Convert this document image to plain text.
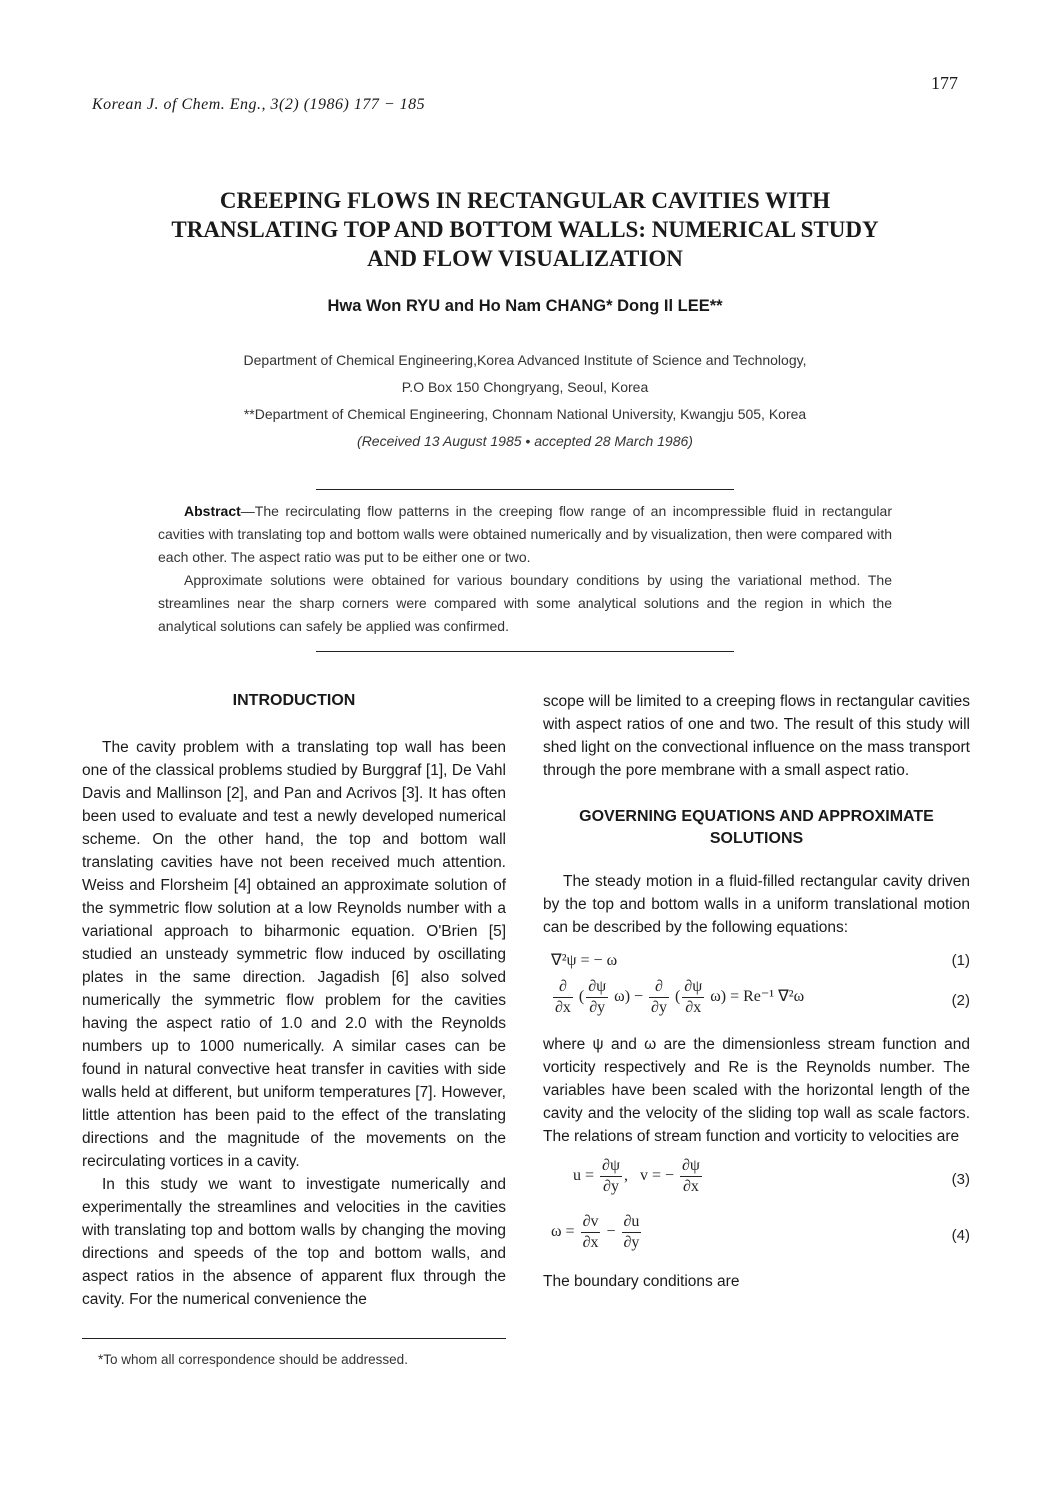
177
Korean J. of Chem. Eng., 3(2) (1986) 177 − 185
CREEPING FLOWS IN RECTANGULAR CAVITIES WITH
TRANSLATING TOP AND BOTTOM WALLS: NUMERICAL STUDY
AND FLOW VISUALIZATION
Hwa Won RYU and Ho Nam CHANG* Dong Il LEE**
Department of Chemical Engineering,Korea Advanced Institute of Science and Technology,
P.O Box 150 Chongryang, Seoul, Korea
**Department of Chemical Engineering, Chonnam National University, Kwangju 505, Korea
(Received 13 August 1985 • accepted 28 March 1986)

Abstract—The recirculating flow patterns in the creeping flow range of an incompressible fluid in rectangular cavities with translating top and bottom walls were obtained numerically and by visualization, then were compared with each other. The aspect ratio was put to be either one or two.

Approximate solutions were obtained for various boundary conditions by using the variational method. The streamlines near the sharp corners were compared with some analytical solutions and the region in which the analytical solutions can safely be applied was confirmed.

INTRODUCTION

The cavity problem with a translating top wall has been one of the classical problems studied by Burggraf [1], De Vahl Davis and Mallinson [2], and Pan and Acrivos [3]. It has often been used to evaluate and test a newly developed numerical scheme. On the other hand, the top and bottom wall translating cavities have not been received much attention. Weiss and Florsheim [4] obtained an approximate solution of the symmetric flow solution at a low Reynolds number with a variational approach to biharmonic equation. O'Brien [5] studied an unsteady symmetric flow induced by oscillating plates in the same direction. Jagadish [6] also solved numerically the symmetric flow problem for the cavities having the aspect ratio of 1.0 and 2.0 with the Reynolds numbers up to 1000 numerically. A similar cases can be found in natural convective heat transfer in cavities with side walls held at different, but uniform temperatures [7]. However, little attention has been paid to the effect of the translating directions and the magnitude of the movements on the recirculating vortices in a cavity.

In this study we want to investigate numerically and experimentally the streamlines and velocities in the cavities with translating top and bottom walls by changing the moving directions and speeds of the top and bottom walls, and aspect ratios in the absence of apparent flux through the cavity. For the numerical convenience the

*To whom all correspondence should be addressed.

scope will be limited to a creeping flows in rectangular cavities with aspect ratios of one and two. The result of this study will shed light on the convectional influence on the mass transport through the pore membrane with a small aspect ratio.

GOVERNING EQUATIONS AND APPROXIMATE
SOLUTIONS

The steady motion in a fluid-filled rectangular cavity driven by the top and bottom walls in a uniform translational motion can be described by the following equations:

∇²ψ = − ω	(1)
$\frac{\partial}{\partial x}$ ( $\frac{\partial\psi}{\partial y} \omega) - \frac{\partial}{\partial y}$ ( $\frac{\partial\psi}{\partial x} \omega) = Re^{-1}$ ∇²ω	(2)

where ψ and ω are the dimensionless stream function and vorticity respectively and Re is the Reynolds number. The variables have been scaled with the horizontal length of the cavity and the velocity of the sliding top wall as scale factors. The relations of stream function and vorticity to velocities are

$u = \frac{\partial\psi}{\partial y}$ ,   v = − $\frac{\partial\psi}{\partial x}$	(3)
$\omega = \frac{\partial v}{\partial x} - \frac{\partial u}{\partial y}$	(4)

The boundary conditions are
